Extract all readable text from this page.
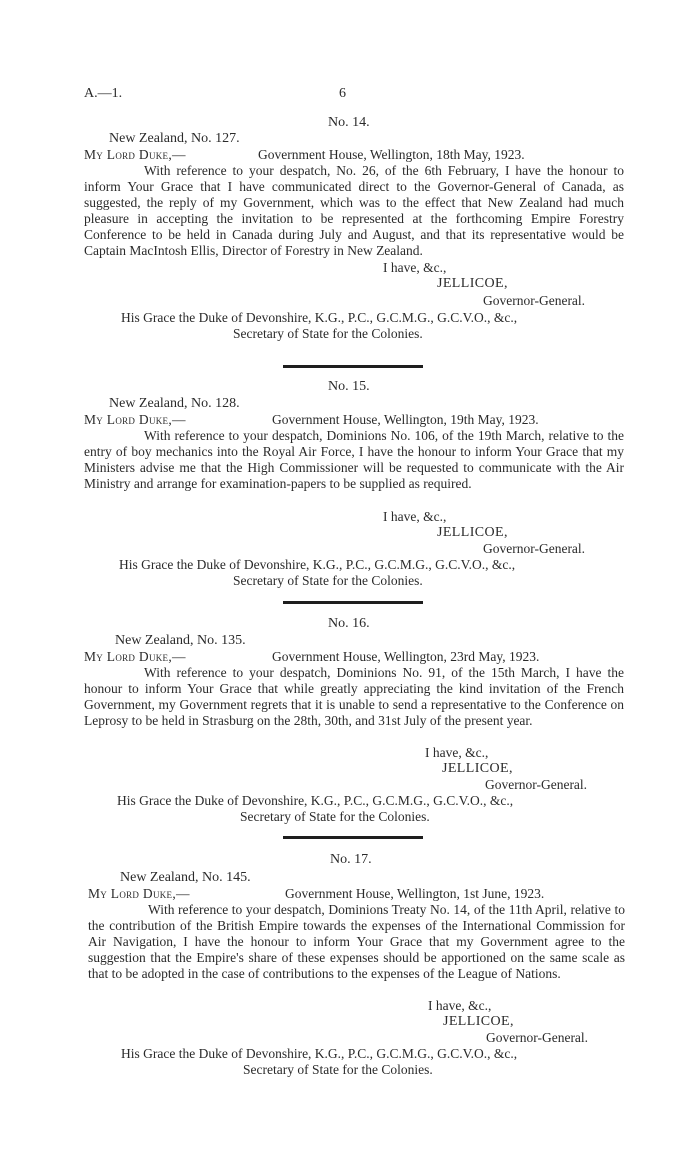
A.—1.	6
No. 14.
New Zealand, No. 127.
My Lord Duke,—	Government House, Wellington, 18th May, 1923.
With reference to your despatch, No. 26, of the 6th February, I have the honour to inform Your Grace that I have communicated direct to the Governor-General of Canada, as suggested, the reply of my Government, which was to the effect that New Zealand had much pleasure in accepting the invitation to be represented at the forthcoming Empire Forestry Conference to be held in Canada during July and August, and that its representative would be Captain MacIntosh Ellis, Director of Forestry in New Zealand.
I have, &c.,
JELLICOE,
Governor-General.
His Grace the Duke of Devonshire, K.G., P.C., G.C.M.G., G.C.V.O., &c.,
Secretary of State for the Colonies.
No. 15.
New Zealand, No. 128.
My Lord Duke,—	Government House, Wellington, 19th May, 1923.
With reference to your despatch, Dominions No. 106, of the 19th March, relative to the entry of boy mechanics into the Royal Air Force, I have the honour to inform Your Grace that my Ministers advise me that the High Commissioner will be requested to communicate with the Air Ministry and arrange for examination-papers to be supplied as required.
I have, &c.,
JELLICOE,
Governor-General.
His Grace the Duke of Devonshire, K.G., P.C., G.C.M.G., G.C.V.O., &c.,
Secretary of State for the Colonies.
No. 16.
New Zealand, No. 135.
My Lord Duke,—	Government House, Wellington, 23rd May, 1923.
With reference to your despatch, Dominions No. 91, of the 15th March, I have the honour to inform Your Grace that while greatly appreciating the kind invitation of the French Government, my Government regrets that it is unable to send a representative to the Conference on Leprosy to be held in Strasburg on the 28th, 30th, and 31st July of the present year.
I have, &c.,
JELLICOE,
Governor-General.
His Grace the Duke of Devonshire, K.G., P.C., G.C.M.G., G.C.V.O., &c.,
Secretary of State for the Colonies.
No. 17.
New Zealand, No. 145.
My Lord Duke,—	Government House, Wellington, 1st June, 1923.
With reference to your despatch, Dominions Treaty No. 14, of the 11th April, relative to the contribution of the British Empire towards the expenses of the International Commission for Air Navigation, I have the honour to inform Your Grace that my Government agree to the suggestion that the Empire's share of these expenses should be apportioned on the same scale as that to be adopted in the case of contributions to the expenses of the League of Nations.
I have, &c.,
JELLICOE,
Governor-General.
His Grace the Duke of Devonshire, K.G., P.C., G.C.M.G., G.C.V.O., &c.,
Secretary of State for the Colonies.
